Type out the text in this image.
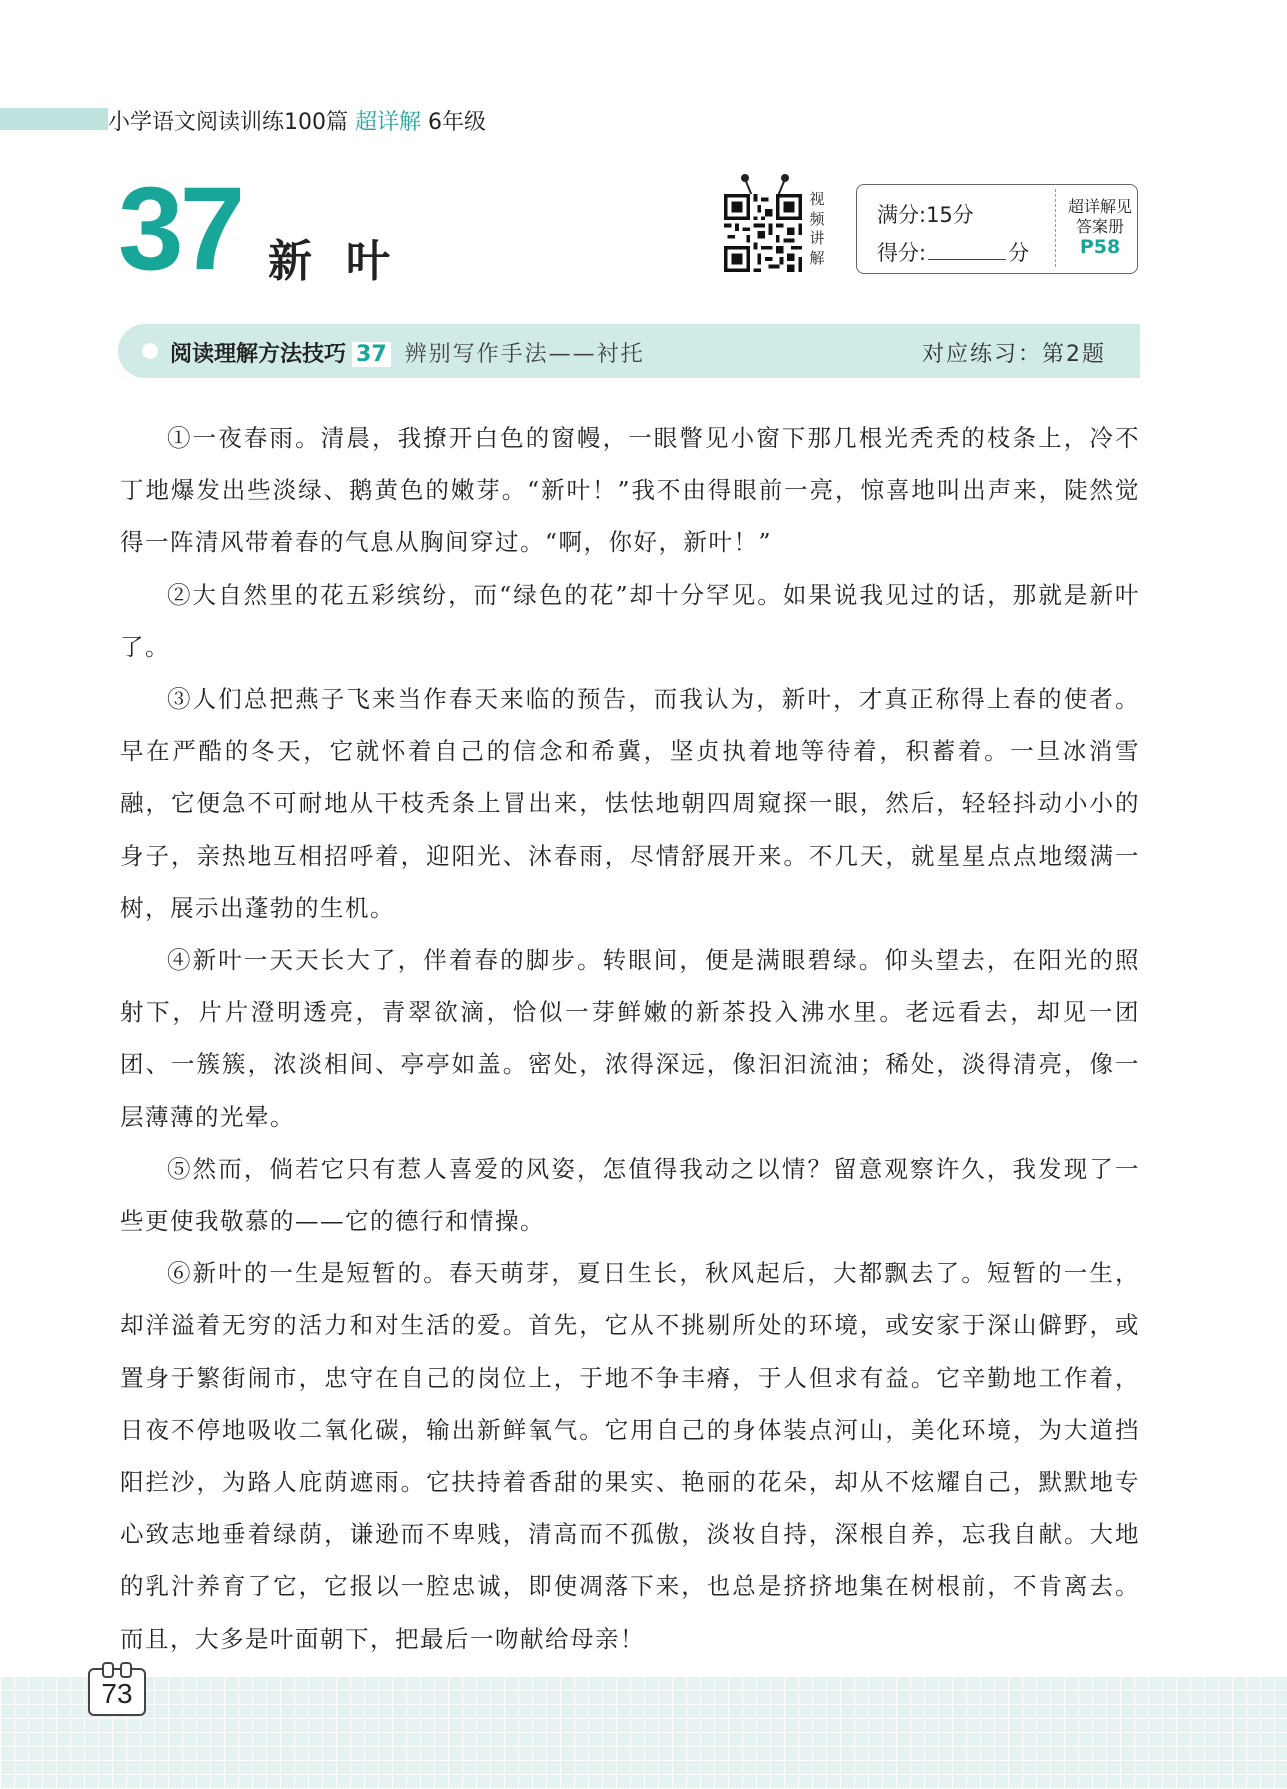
小学语文阅读训练100篇 超详解 6年级
37 新叶
视
频
讲
解
满分:15分
得分:	分
超详解见
答案册
P58
阅读理解方法技巧 37 辨别写作手法——衬托	对应练习：第2题

①一夜春雨。清晨，我撩开白色的窗幔，一眼瞥见小窗下那几根光秃秃的枝条上，冷不丁地爆发出些淡绿、鹅黄色的嫩芽。“新叶！”我不由得眼前一亮，惊喜地叫出声来，陡然觉得一阵清风带着春的气息从胸间穿过。“啊，你好，新叶！”

②大自然里的花五彩缤纷，而“绿色的花”却十分罕见。如果说我见过的话，那就是新叶了。

③人们总把燕子飞来当作春天来临的预告，而我认为，新叶，才真正称得上春的使者。早在严酷的冬天，它就怀着自己的信念和希冀，坚贞执着地等待着，积蓄着。一旦冰消雪融，它便急不可耐地从干枝秃条上冒出来，怯怯地朝四周窥探一眼，然后，轻轻抖动小小的身子，亲热地互相招呼着，迎阳光、沐春雨，尽情舒展开来。不几天，就星星点点地缀满一树，展示出蓬勃的生机。

④新叶一天天长大了，伴着春的脚步。转眼间，便是满眼碧绿。仰头望去，在阳光的照射下，片片澄明透亮，青翠欲滴，恰似一芽鲜嫩的新茶投入沸水里。老远看去，却见一团团、一簇簇，浓淡相间、亭亭如盖。密处，浓得深远，像汩汩流油；稀处，淡得清亮，像一层薄薄的光晕。

⑤然而，倘若它只有惹人喜爱的风姿，怎值得我动之以情？留意观察许久，我发现了一些更使我敬慕的——它的德行和情操。

⑥新叶的一生是短暂的。春天萌芽，夏日生长，秋风起后，大都飘去了。短暂的一生，却洋溢着无穷的活力和对生活的爱。首先，它从不挑剔所处的环境，或安家于深山僻野，或置身于繁街闹市，忠守在自己的岗位上，于地不争丰瘠，于人但求有益。它辛勤地工作着，日夜不停地吸收二氧化碳，输出新鲜氧气。它用自己的身体装点河山，美化环境，为大道挡阳拦沙，为路人庇荫遮雨。它扶持着香甜的果实、艳丽的花朵，却从不炫耀自己，默默地专心致志地垂着绿荫，谦逊而不卑贱，清高而不孤傲，淡妆自持，深根自养，忘我自献。大地的乳汁养育了它，它报以一腔忠诚，即使凋落下来，也总是挤挤地集在树根前，不肯离去。而且，大多是叶面朝下，把最后一吻献给母亲！

73
